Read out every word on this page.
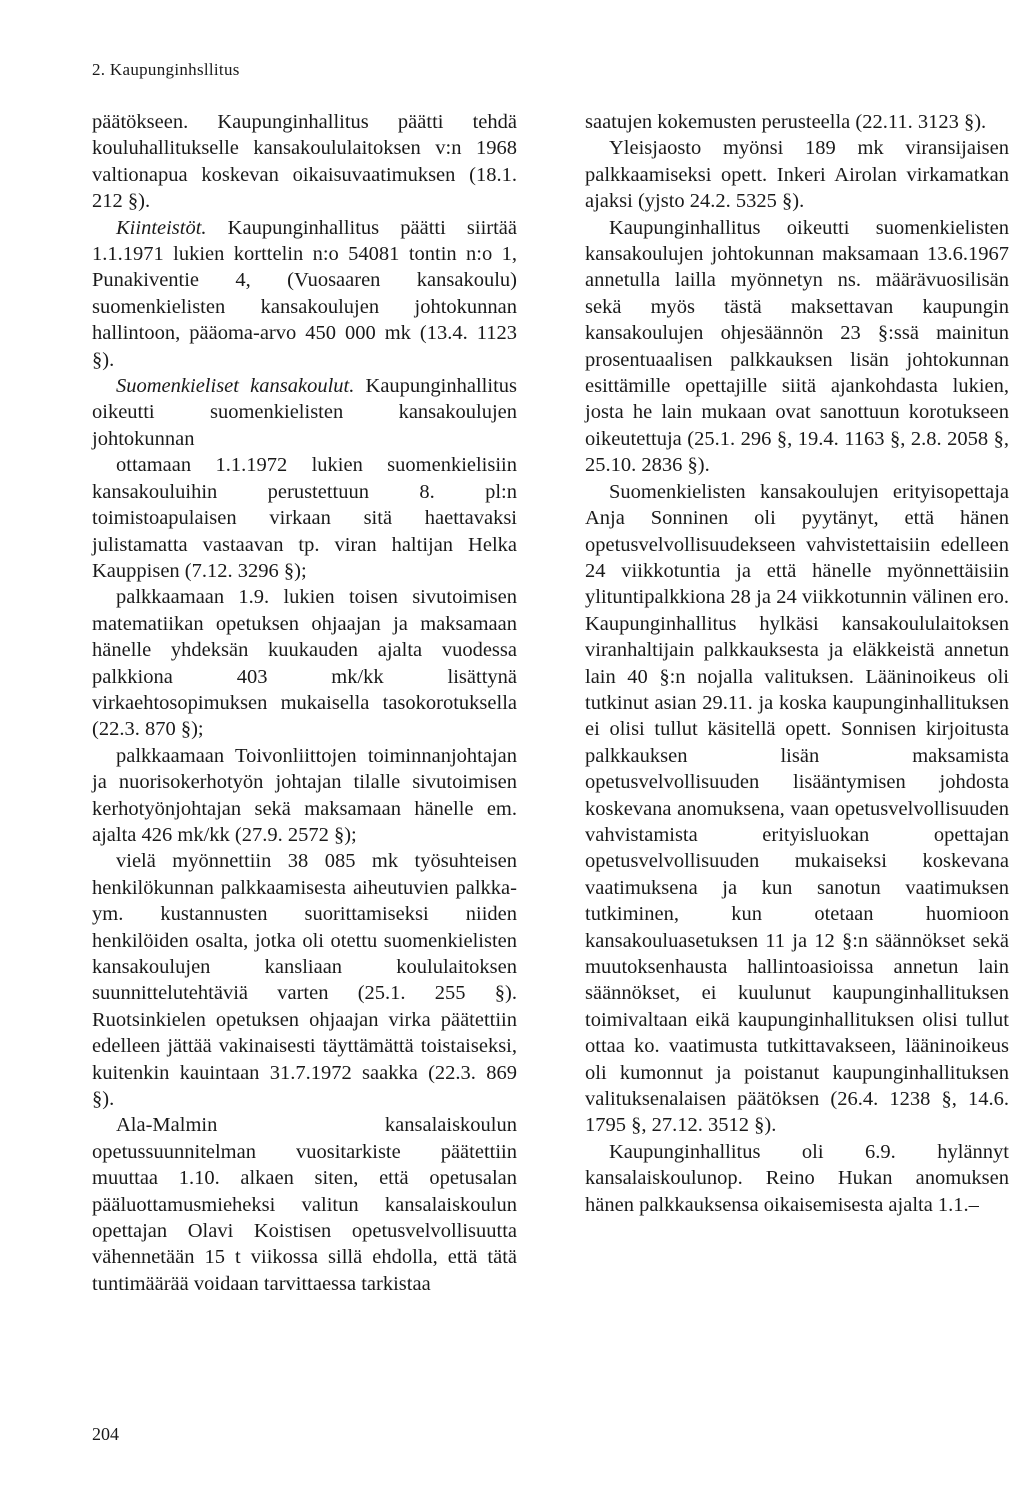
2. Kaupunginhsllitus

päätökseen. Kaupunginhallitus päätti tehdä kouluhallitukselle kansakoululaitoksen v:n 1968 valtionapua koskevan oikaisuvaatimuksen (18.1. 212 §).

Kiinteistöt. Kaupunginhallitus päätti siirtää 1.1.1971 lukien korttelin n:o 54081 tontin n:o 1, Punakiventie 4, (Vuosaaren kansakoulu) suomenkielisten kansakoulujen johtokunnan hallintoon, pääoma-arvo 450 000 mk (13.4. 1123 §).

Suomenkieliset kansakoulut. Kaupunginhallitus oikeutti suomenkielisten kansakoulujen johtokunnan

ottamaan 1.1.1972 lukien suomenkielisiin kansakouluihin perustettuun 8. pl:n toimistoapulaisen virkaan sitä haettavaksi julistamatta vastaavan tp. viran haltijan Helka Kauppisen (7.12. 3296 §);

palkkaamaan 1.9. lukien toisen sivutoimisen matematiikan opetuksen ohjaajan ja maksamaan hänelle yhdeksän kuukauden ajalta vuodessa palkkiona 403 mk/kk lisättynä virkaehtosopimuksen mukaisella tasokorotuksella (22.3. 870 §);

palkkaamaan Toivonliittojen toiminnanjohtajan ja nuorisokerhotyön johtajan tilalle sivutoimisen kerhotyönjohtajan sekä maksamaan hänelle em. ajalta 426 mk/kk (27.9. 2572 §);

vielä myönnettiin 38 085 mk työsuhteisen henkilökunnan palkkaamisesta aiheutuvien palkka- ym. kustannusten suorittamiseksi niiden henkilöiden osalta, jotka oli otettu suomenkielisten kansakoulujen kansliaan koululaitoksen suunnittelutehtäviä varten (25.1. 255 §). Ruotsinkielen opetuksen ohjaajan virka päätettiin edelleen jättää vakinaisesti täyttämättä toistaiseksi, kuitenkin kauintaan 31.7.1972 saakka (22.3. 869 §).

Ala-Malmin kansalaiskoulun opetussuunnitelman vuositarkiste päätettiin muuttaa 1.10. alkaen siten, että opetusalan pääluottamusmieheksi valitun kansalaiskoulun opettajan Olavi Koistisen opetusvelvollisuutta vähennetään 15 t viikossa sillä ehdolla, että tätä tuntimäärää voidaan tarvittaessa tarkistaa

saatujen kokemusten perusteella (22.11. 3123 §).

Yleisjaosto myönsi 189 mk viransijaisen palkkaamiseksi opett. Inkeri Airolan virkamatkan ajaksi (yjsto 24.2. 5325 §).

Kaupunginhallitus oikeutti suomenkielisten kansakoulujen johtokunnan maksamaan 13.6.1967 annetulla lailla myönnetyn ns. määrävuosilisän sekä myös tästä maksettavan kaupungin kansakoulujen ohjesäännön 23 §:ssä mainitun prosentuaalisen palkkauksen lisän johtokunnan esittämille opettajille siitä ajankohdasta lukien, josta he lain mukaan ovat sanottuun korotukseen oikeutettuja (25.1. 296 §, 19.4. 1163 §, 2.8. 2058 §, 25.10. 2836 §).

Suomenkielisten kansakoulujen erityisopettaja Anja Sonninen oli pyytänyt, että hänen opetusvelvollisuudekseen vahvistettaisiin edelleen 24 viikkotuntia ja että hänelle myönnettäisiin ylituntipalkkiona 28 ja 24 viikkotunnin välinen ero. Kaupunginhallitus hylkäsi kansakoululaitoksen viranhaltijain palkkauksesta ja eläkkeistä annetun lain 40 §:n nojalla valituksen. Lääninoikeus oli tutkinut asian 29.11. ja koska kaupunginhallituksen ei olisi tullut käsitellä opett. Sonnisen kirjoitusta palkkauksen lisän maksamista opetusvelvollisuuden lisääntymisen johdosta koskevana anomuksena, vaan opetusvelvollisuuden vahvistamista erityisluokan opettajan opetusvelvollisuuden mukaiseksi koskevana vaatimuksena ja kun sanotun vaatimuksen tutkiminen, kun otetaan huomioon kansakouluasetuksen 11 ja 12 §:n säännökset sekä muutoksenhausta hallintoasioissa annetun lain säännökset, ei kuulunut kaupunginhallituksen toimivaltaan eikä kaupunginhallituksen olisi tullut ottaa ko. vaatimusta tutkittavakseen, lääninoikeus oli kumonnut ja poistanut kaupunginhallituksen valituksenalaisen päätöksen (26.4. 1238 §, 14.6. 1795 §, 27.12. 3512 §).

Kaupunginhallitus oli 6.9. hylännyt kansalaiskoulunop. Reino Hukan anomuksen hänen palkkauksensa oikaisemisesta ajalta 1.1.–

204
